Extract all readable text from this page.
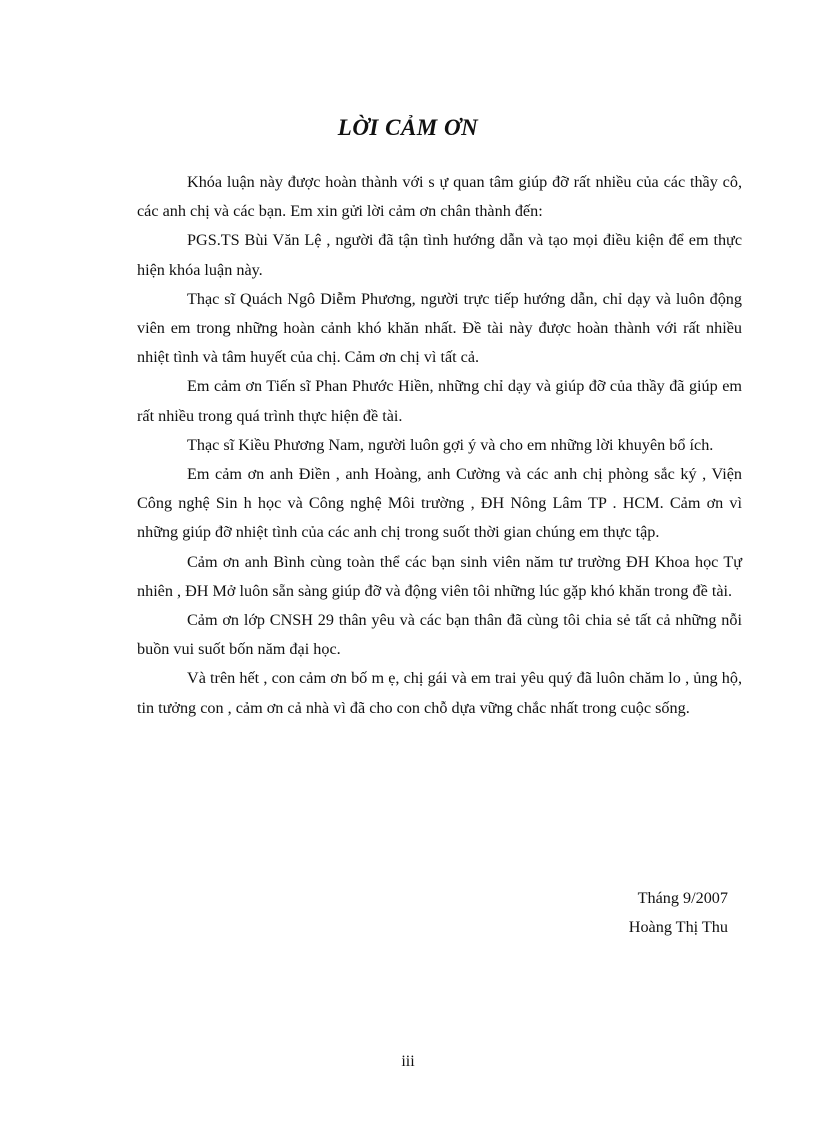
LỜI CẢM ƠN

Khóa luận này được hoàn thành với s ự quan tâm giúp đỡ rất nhiều của các thầy cô, các anh chị và các bạn. Em xin gửi lời cảm ơn chân thành đến:

PGS.TS Bùi Văn Lệ , người đã tận tình hướng dẫn và tạo mọi điều kiện để em thực hiện khóa luận này.

Thạc sĩ Quách Ngô Diễm Phương, người trực tiếp hướng dẫn, chỉ dạy và luôn động viên em trong những hoàn cảnh khó khăn nhất. Đề tài này được hoàn thành với rất nhiều nhiệt tình và tâm huyết của chị. Cảm ơn chị vì tất cả.

Em cảm ơn Tiến sĩ Phan Phước Hiền, những chỉ dạy và giúp đỡ của thầy đã giúp em rất nhiều trong quá trình thực hiện đề tài.

Thạc sĩ Kiều Phương Nam, người luôn gợi ý và cho em những lời khuyên bổ ích.

Em cảm ơn anh Điền , anh Hoàng, anh Cường và các anh chị phòng sắc ký , Viện Công nghệ Sin h học và Công nghệ Môi trường , ĐH Nông Lâm TP . HCM. Cảm ơn vì những giúp đỡ nhiệt tình của các anh chị trong suốt thời gian chúng em thực tập.

Cảm ơn anh Bình cùng toàn thể các bạn sinh viên năm tư trường ĐH Khoa học Tự nhiên , ĐH Mở luôn sẵn sàng giúp đỡ và động viên tôi những lúc gặp khó khăn trong đề tài.

Cảm ơn lớp CNSH 29 thân yêu và các bạn thân đã cùng tôi chia sẻ tất cả những nỗi buồn vui suốt bốn năm đại học.

Và trên hết , con cảm ơn bố m ẹ, chị gái và em trai yêu quý đã luôn chăm lo , ủng hộ, tin tưởng con , cảm ơn cả nhà vì đã cho con chỗ dựa vững chắc nhất trong cuộc sống.

Tháng 9/2007
Hoàng Thị Thu
iii
